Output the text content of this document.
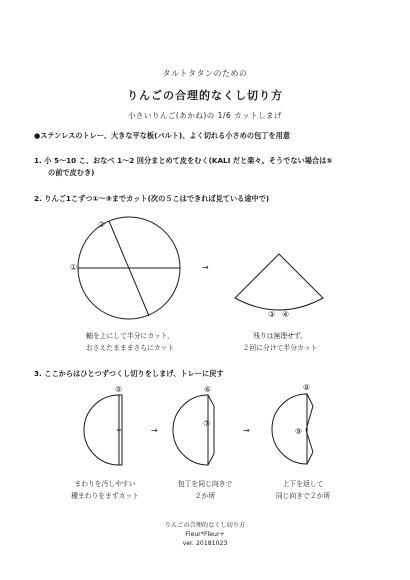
タルトタタンのための
りんごの合理的なくし切り方
小さいりんご(あかね)の 1/6 カットしまげ
●ステンレスのトレー、大きな平な板(バルト)、よく切れる小さめの包丁を用意
1. 小 5〜10 こ、おなべ 1〜2 回分まとめて皮をむく(KALI だと楽々。そうでない場合は⑤
の前で皮むき)
2. りんご1こずつ①〜⑨までカット(次の５こはできれば見ている途中で)
3. ここからはひとつずつくし切りをしまげ、トレーに戻す
②
①	→
③ ④
⑤
→
⑥
⑦
→
⑧
⑨
軸を上にして半分にカット、
おさえたまままさらにカット
残りは無理せず、
２回に分けて半分カット
まわりを汚しやすい
種まわりをまずカット
包丁を同じ向きで
２か所
上下を返して
同じ向きで２か所
りんごの合理的なくし切り方
Fleur*Fleur+
ver. 20181023
